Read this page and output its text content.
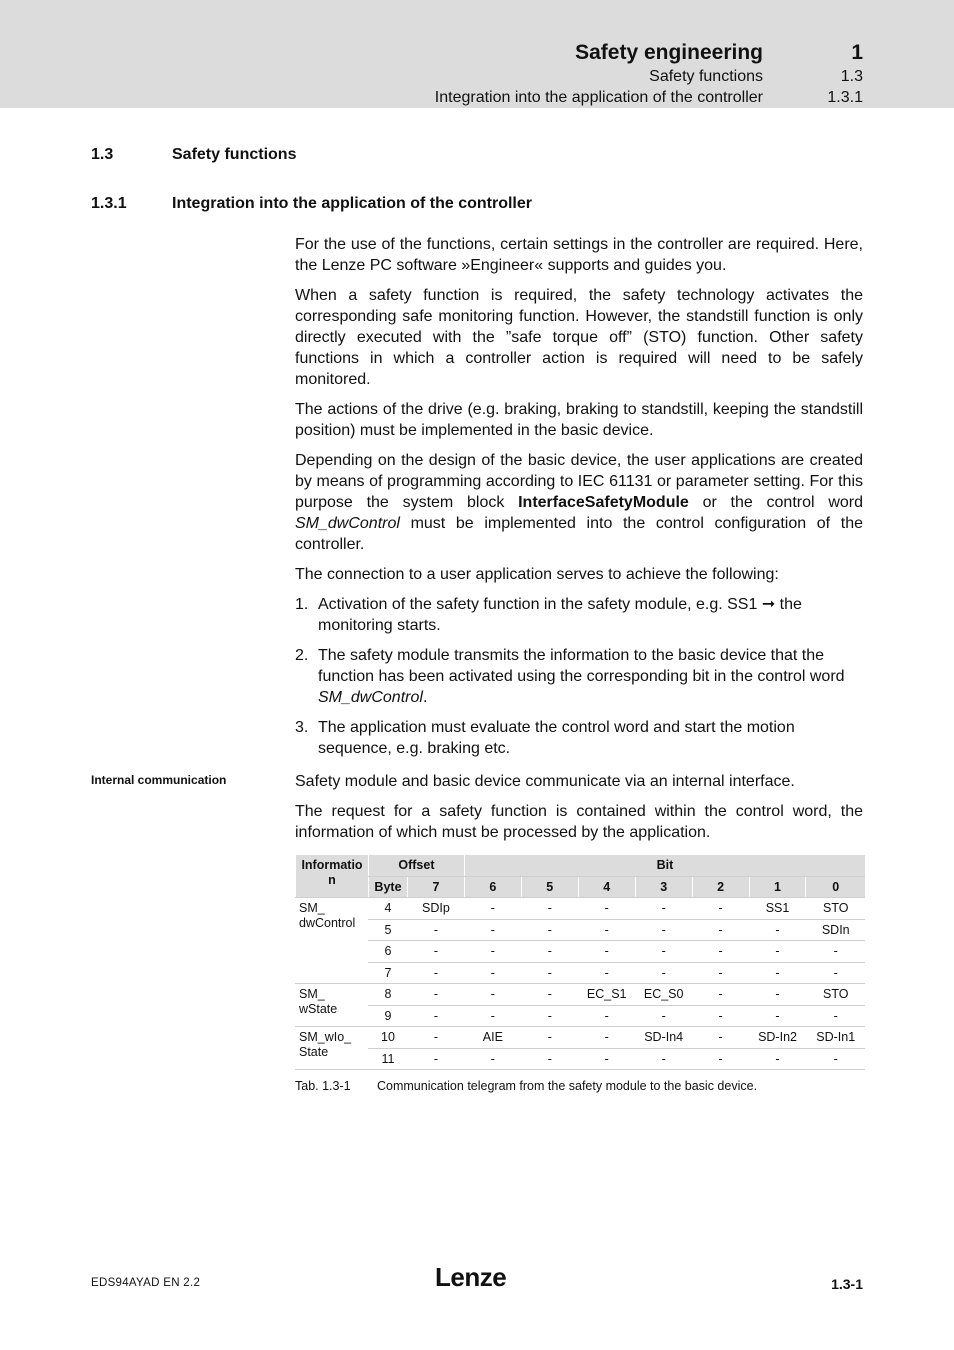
Safety engineering	1
Safety functions	1.3
Integration into the application of the controller	1.3.1
1.3	Safety functions
1.3.1	Integration into the application of the controller

For the use of the functions, certain settings in the controller are required. Here, the Lenze PC software »Engineer« supports and guides you.

When a safety function is required, the safety technology activates the corresponding safe monitoring function. However, the standstill function is only directly executed with the ”safe torque off” (STO) function. Other safety functions in which a controller action is required will need to be safely monitored.

The actions of the drive (e.g. braking, braking to standstill, keeping the standstill position) must be implemented in the basic device.

Depending on the design of the basic device, the user applications are created by means of programming according to IEC 61131 or parameter setting. For this purpose the system block InterfaceSafetyModule or the control word SM_dwControl must be implemented into the control configuration of the controller.

The connection to a user application serves to achieve the following:

1. Activation of the safety function in the safety module, e.g. SS1 ➞ the monitoring starts.
2. The safety module transmits the information to the basic device that the function has been activated using the corresponding bit in the control word SM_dwControl.
3. The application must evaluate the control word and start the motion sequence, e.g. braking etc.
Internal communication	Safety module and basic device communicate via an internal interface.

The request for a safety function is contained within the control word, the information of which must be processed by the application.

Informatio n	Offset		Bit						
	Byte	7	6	5	4	3	2	1	0
SM_ dwControl	4	SDIp	-	-	-	-	-	SS1	STO
	5	-	-	-	-	-	-	-	SDIn
	6	-	-	-	-	-	-	-	-
	7	-	-	-	-	-	-	-	-
SM_ wState	8	-	-	-	EC_S1	EC_S0	-	-	STO
	9	-	-	-	-	-	-	-	-
SM_wIo_ State	10	-	AIE	-	-	SD-In4	-	SD-In2	SD-In1
	11	-	-	-	-	-	-	-	-
Tab. 1.3-1 Communication telegram from the safety module to the basic device.
EDS94AYAD EN 2.2	Lenze	1.3-1
